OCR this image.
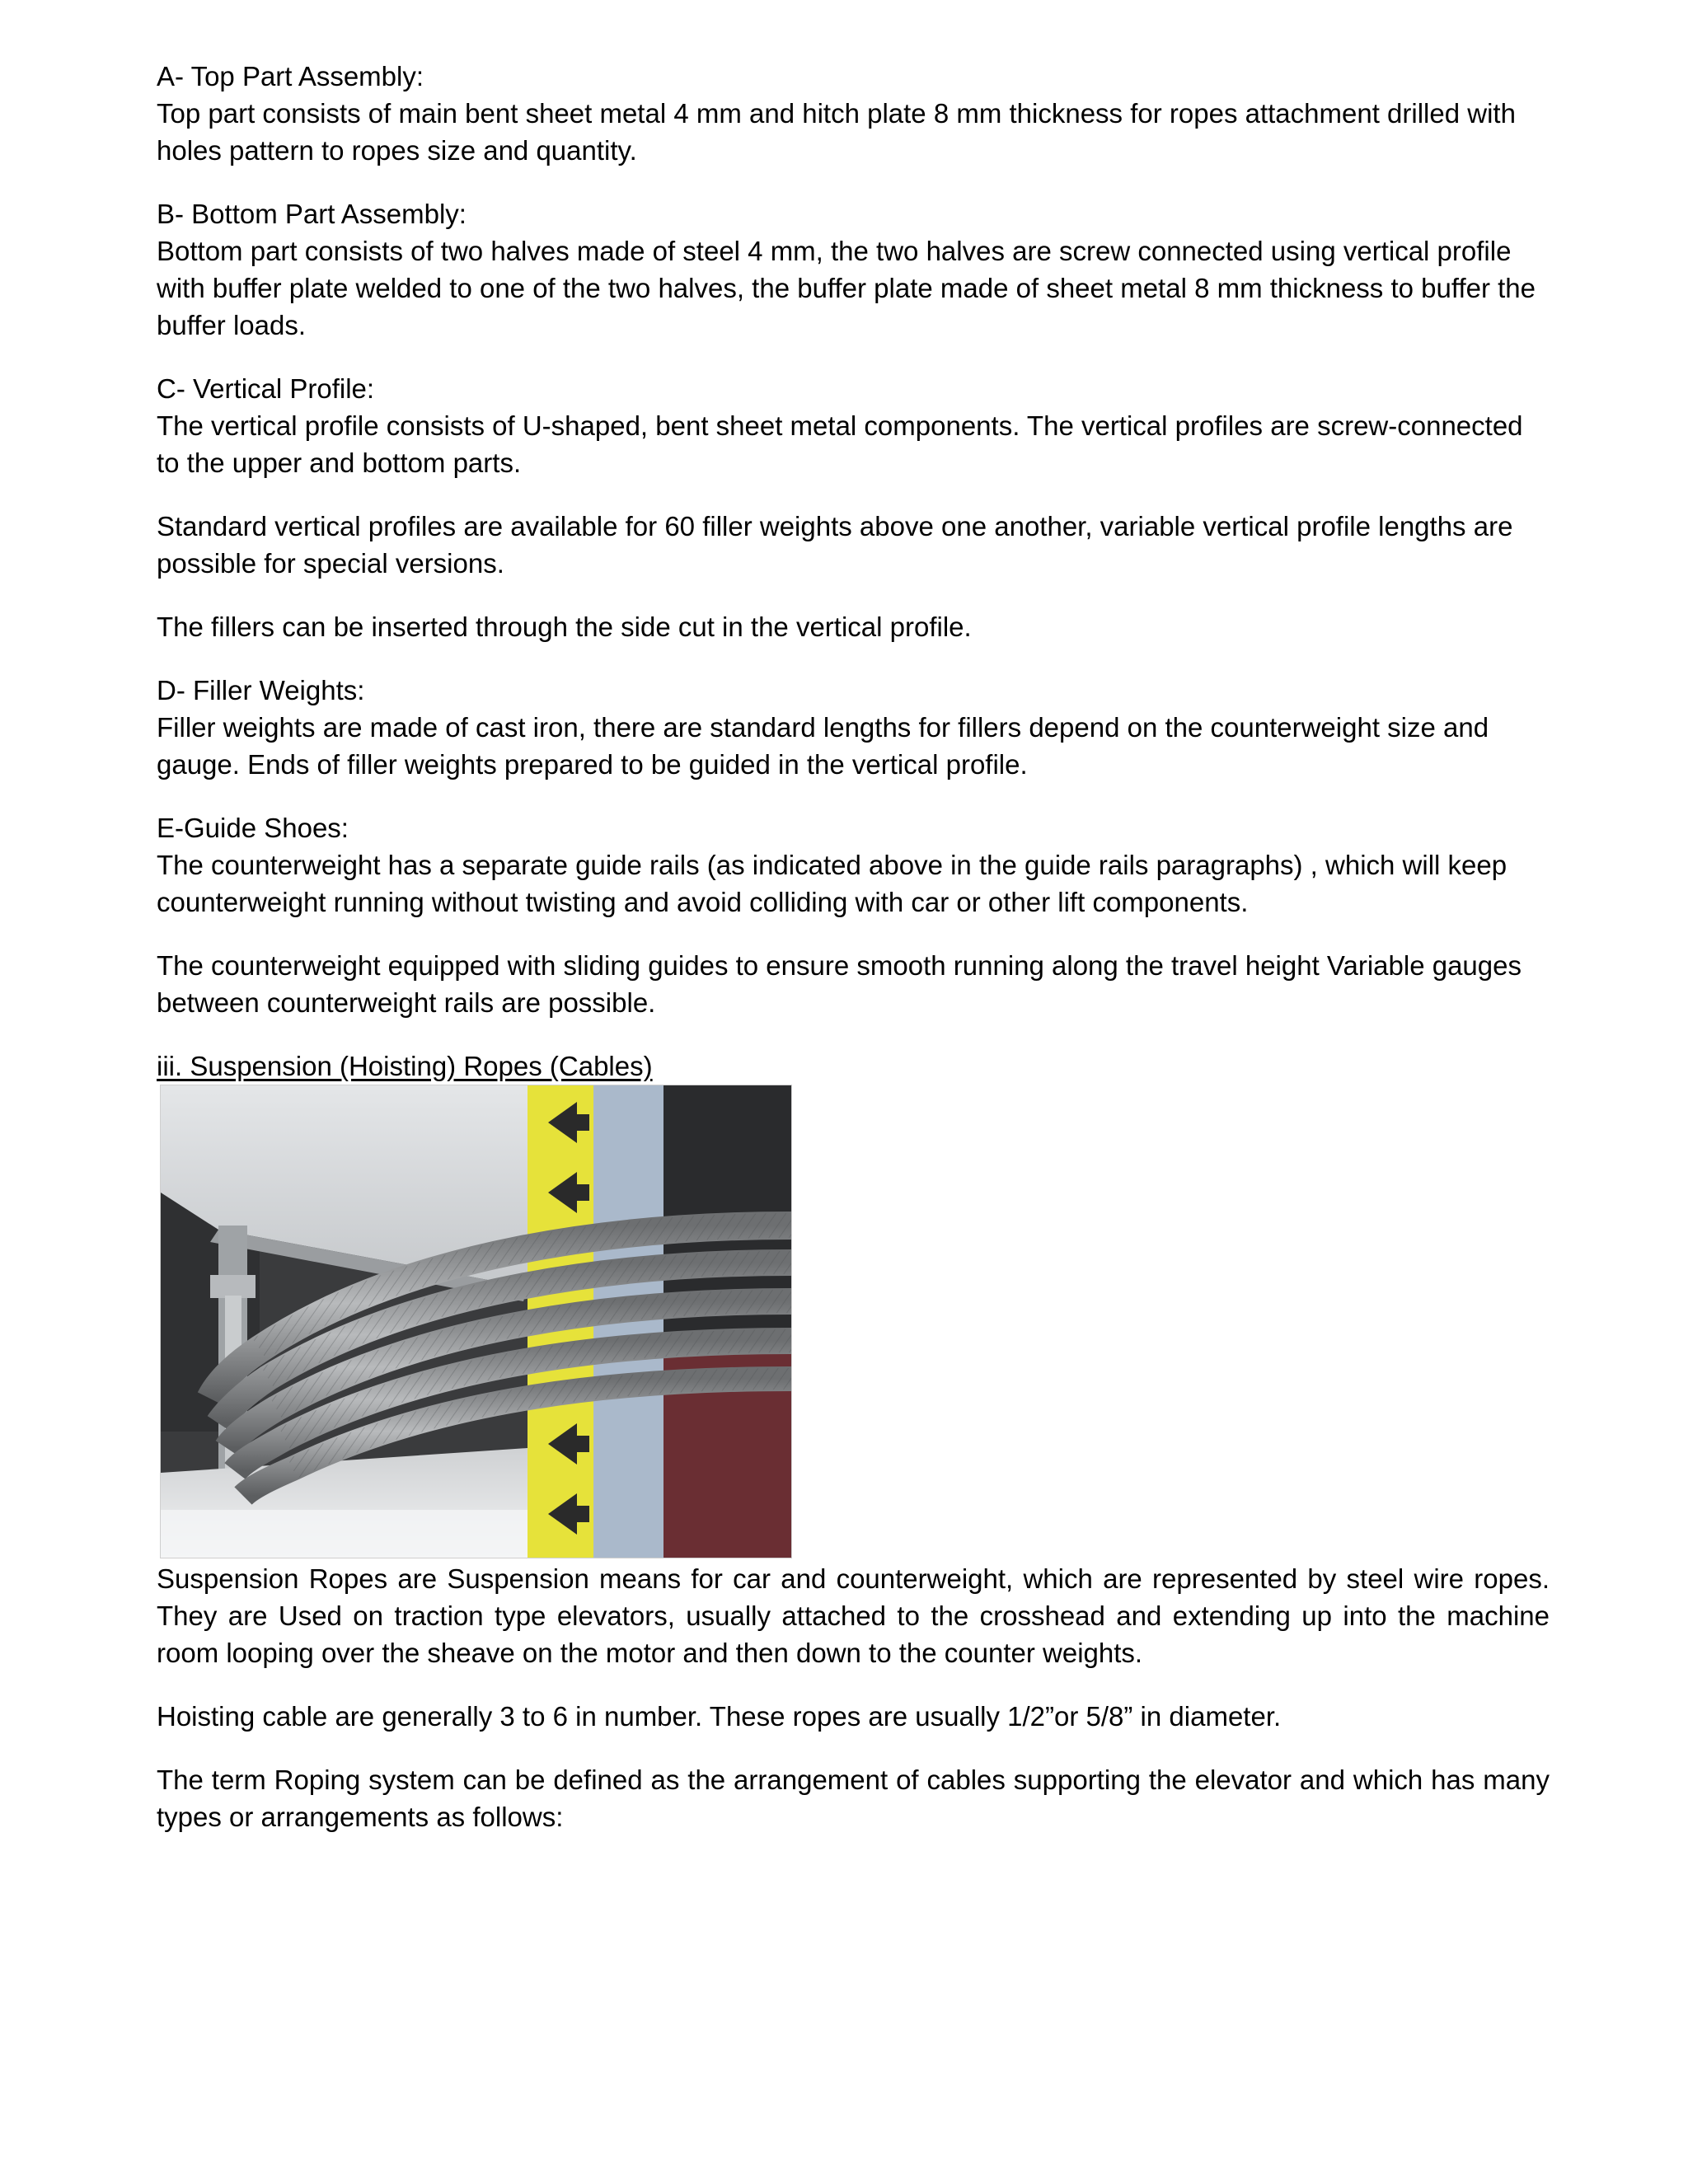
A- Top Part Assembly:
Top part consists of main bent sheet metal 4 mm and hitch plate 8 mm thickness for ropes attachment drilled with holes pattern to ropes size and quantity.
B- Bottom Part Assembly:
Bottom part consists of two halves made of steel 4 mm, the two halves are screw connected using vertical profile with buffer plate welded to one of the two halves, the buffer plate made of sheet metal 8 mm thickness to buffer the buffer loads.
C- Vertical Profile:
The vertical profile consists of U-shaped, bent sheet metal components. The vertical profiles are screw-connected to the upper and bottom parts.
Standard vertical profiles are available for 60 filler weights above one another, variable vertical profile lengths are possible for special versions.
The fillers can be inserted through the side cut in the vertical profile.
D- Filler Weights:
Filler weights are made of cast iron, there are standard lengths for fillers depend on the counterweight size and gauge. Ends of filler weights prepared to be guided in the vertical profile.
E-Guide Shoes:
The counterweight has a separate guide rails (as indicated above in the guide rails paragraphs) , which will keep counterweight running without twisting and avoid colliding with car or other lift components.
The counterweight equipped with sliding guides to ensure smooth running along the travel height Variable gauges between counterweight rails are possible.
iii. Suspension (Hoisting) Ropes (Cables)
Suspension Ropes are Suspension means for car and counterweight, which are represented by steel wire ropes. They are Used on traction type elevators, usually attached to the crosshead and extending up into the machine room looping over the sheave on the motor and then down to the counter weights.
Hoisting cable are generally 3 to 6 in number. These ropes are usually 1/2”or 5/8” in diameter.
The term Roping system can be defined as the arrangement of cables supporting the elevator and which has many types or arrangements as follows:
